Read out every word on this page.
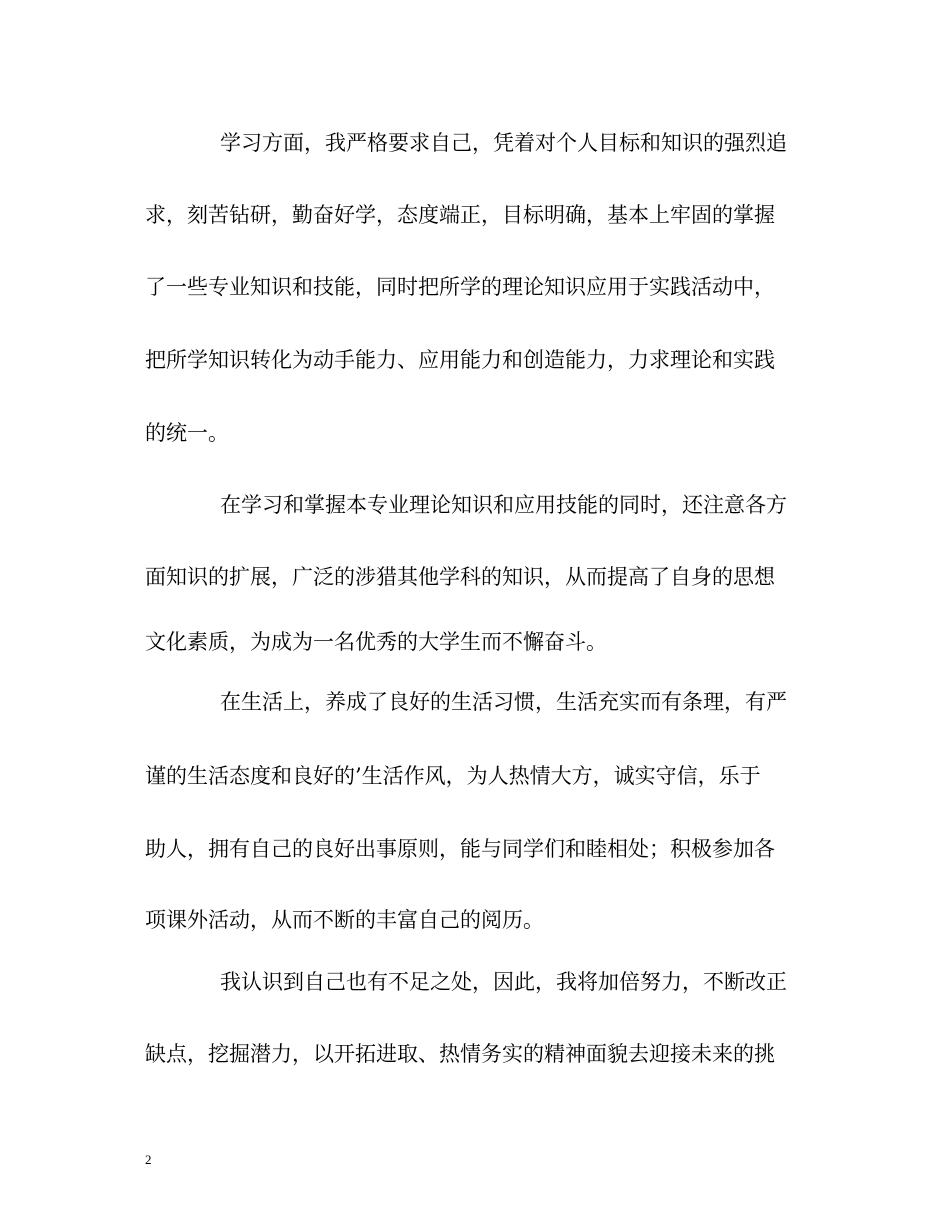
学习方面，我严格要求自己，凭着对个人目标和知识的强烈追
求，刻苦钻研，勤奋好学，态度端正，目标明确，基本上牢固的掌握
了一些专业知识和技能，同时把所学的理论知识应用于实践活动中，
把所学知识转化为动手能力、应用能力和创造能力，力求理论和实践
的统一。
在学习和掌握本专业理论知识和应用技能的同时，还注意各方
面知识的扩展，广泛的涉猎其他学科的知识，从而提高了自身的思想
文化素质，为成为一名优秀的大学生而不懈奋斗。
在生活上，养成了良好的生活习惯，生活充实而有条理，有严
谨的生活态度和良好的’生活作风，为人热情大方，诚实守信，乐于
助人，拥有自己的良好出事原则，能与同学们和睦相处；积极参加各
项课外活动，从而不断的丰富自己的阅历。
我认识到自己也有不足之处，因此，我将加倍努力，不断改正
缺点，挖掘潜力，以开拓进取、热情务实的精神面貌去迎接未来的挑
2
